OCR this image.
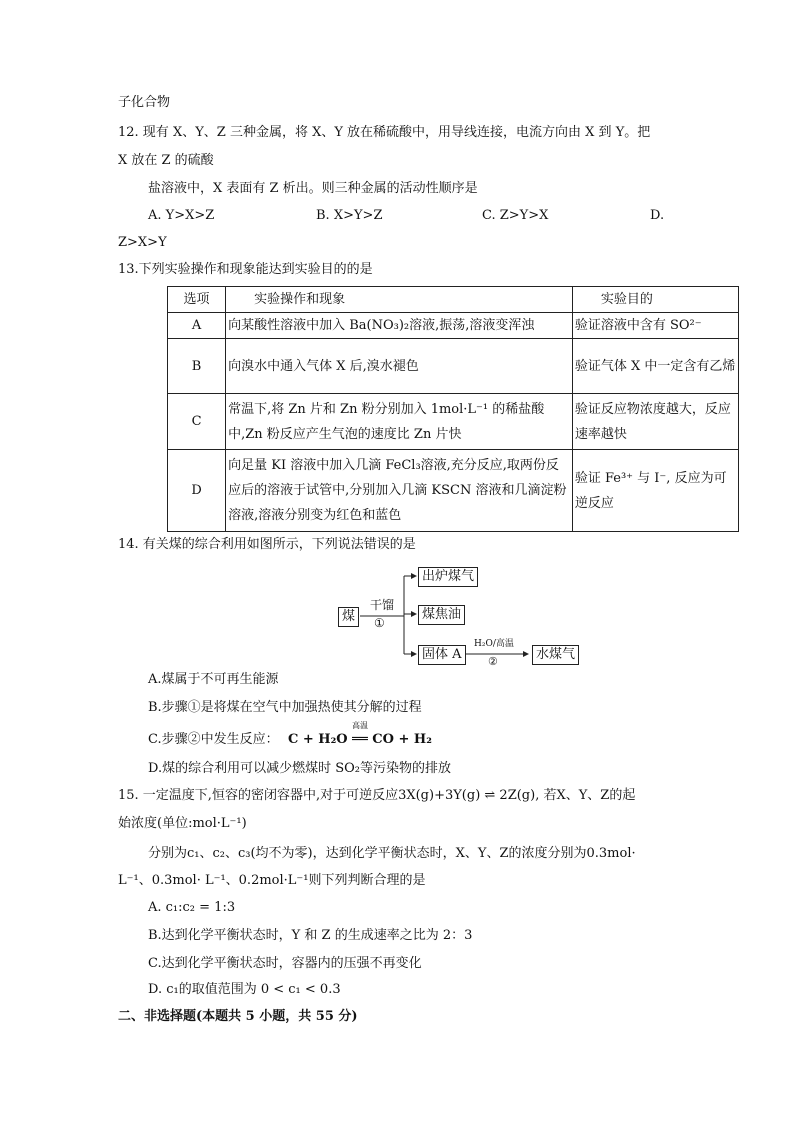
子化合物
12. 现有 X、Y、Z 三种金属，将 X、Y 放在稀硫酸中，用导线连接，电流方向由 X 到 Y。把
X 放在 Z 的硫酸
盐溶液中，X 表面有 Z 析出。则三种金属的活动性顺序是
A. Y>X>Z	B. X>Y>Z	C. Z>Y>X	D.
Z>X>Y
13.下列实验操作和现象能达到实验目的的是
选项	实验操作和现象	实验目的
A	向某酸性溶液中加入 Ba(NO₃)₂溶液,振荡,溶液变浑浊	验证溶液中含有 SO²⁻
B	向溴水中通入气体 X 后,溴水褪色	验证气体 X 中一定含有乙烯
C	常温下,将 Zn 片和 Zn 粉分别加入 1mol·L⁻¹ 的稀盐酸中,Zn 粉反应产生气泡的速度比 Zn 片快	验证反应物浓度越大，反应速率越快
D	向足量 KI 溶液中加入几滴 FeCl₃溶液,充分反应,取两份反应后的溶液于试管中,分别加入几滴 KSCN 溶液和几滴淀粉溶液,溶液分别变为红色和蓝色	验证 Fe³⁺ 与 I⁻, 反应为可逆反应
14. 有关煤的综合利用如图所示，下列说法错误的是
煤
干馏
①
出炉煤气
煤焦油
固体 A
H₂O/高温
②	水煤气
A.煤属于不可再生能源
B.步骤①是将煤在空气中加强热使其分解的过程
C.步骤②中发生反应： C + H₂O ══ CO + H₂
高温
D.煤的综合利用可以减少燃煤时 SO₂等污染物的排放
15. 一定温度下,恒容的密闭容器中,对于可逆反应3X(g)+3Y(g) ⇌ 2Z(g), 若X、Y、Z的起
始浓度(单位:mol·L⁻¹)
分别为c₁、c₂、c₃(均不为零)，达到化学平衡状态时，X、Y、Z的浓度分别为0.3mol·
L⁻¹、0.3mol· L⁻¹、0.2mol·L⁻¹则下列判断合理的是
A. c₁:c₂ = 1:3
B.达到化学平衡状态时，Y 和 Z 的生成速率之比为 2：3
C.达到化学平衡状态时，容器内的压强不再变化
D. c₁的取值范围为 0 < c₁ < 0.3
二、非选择题(本题共 5 小题，共 55 分)
